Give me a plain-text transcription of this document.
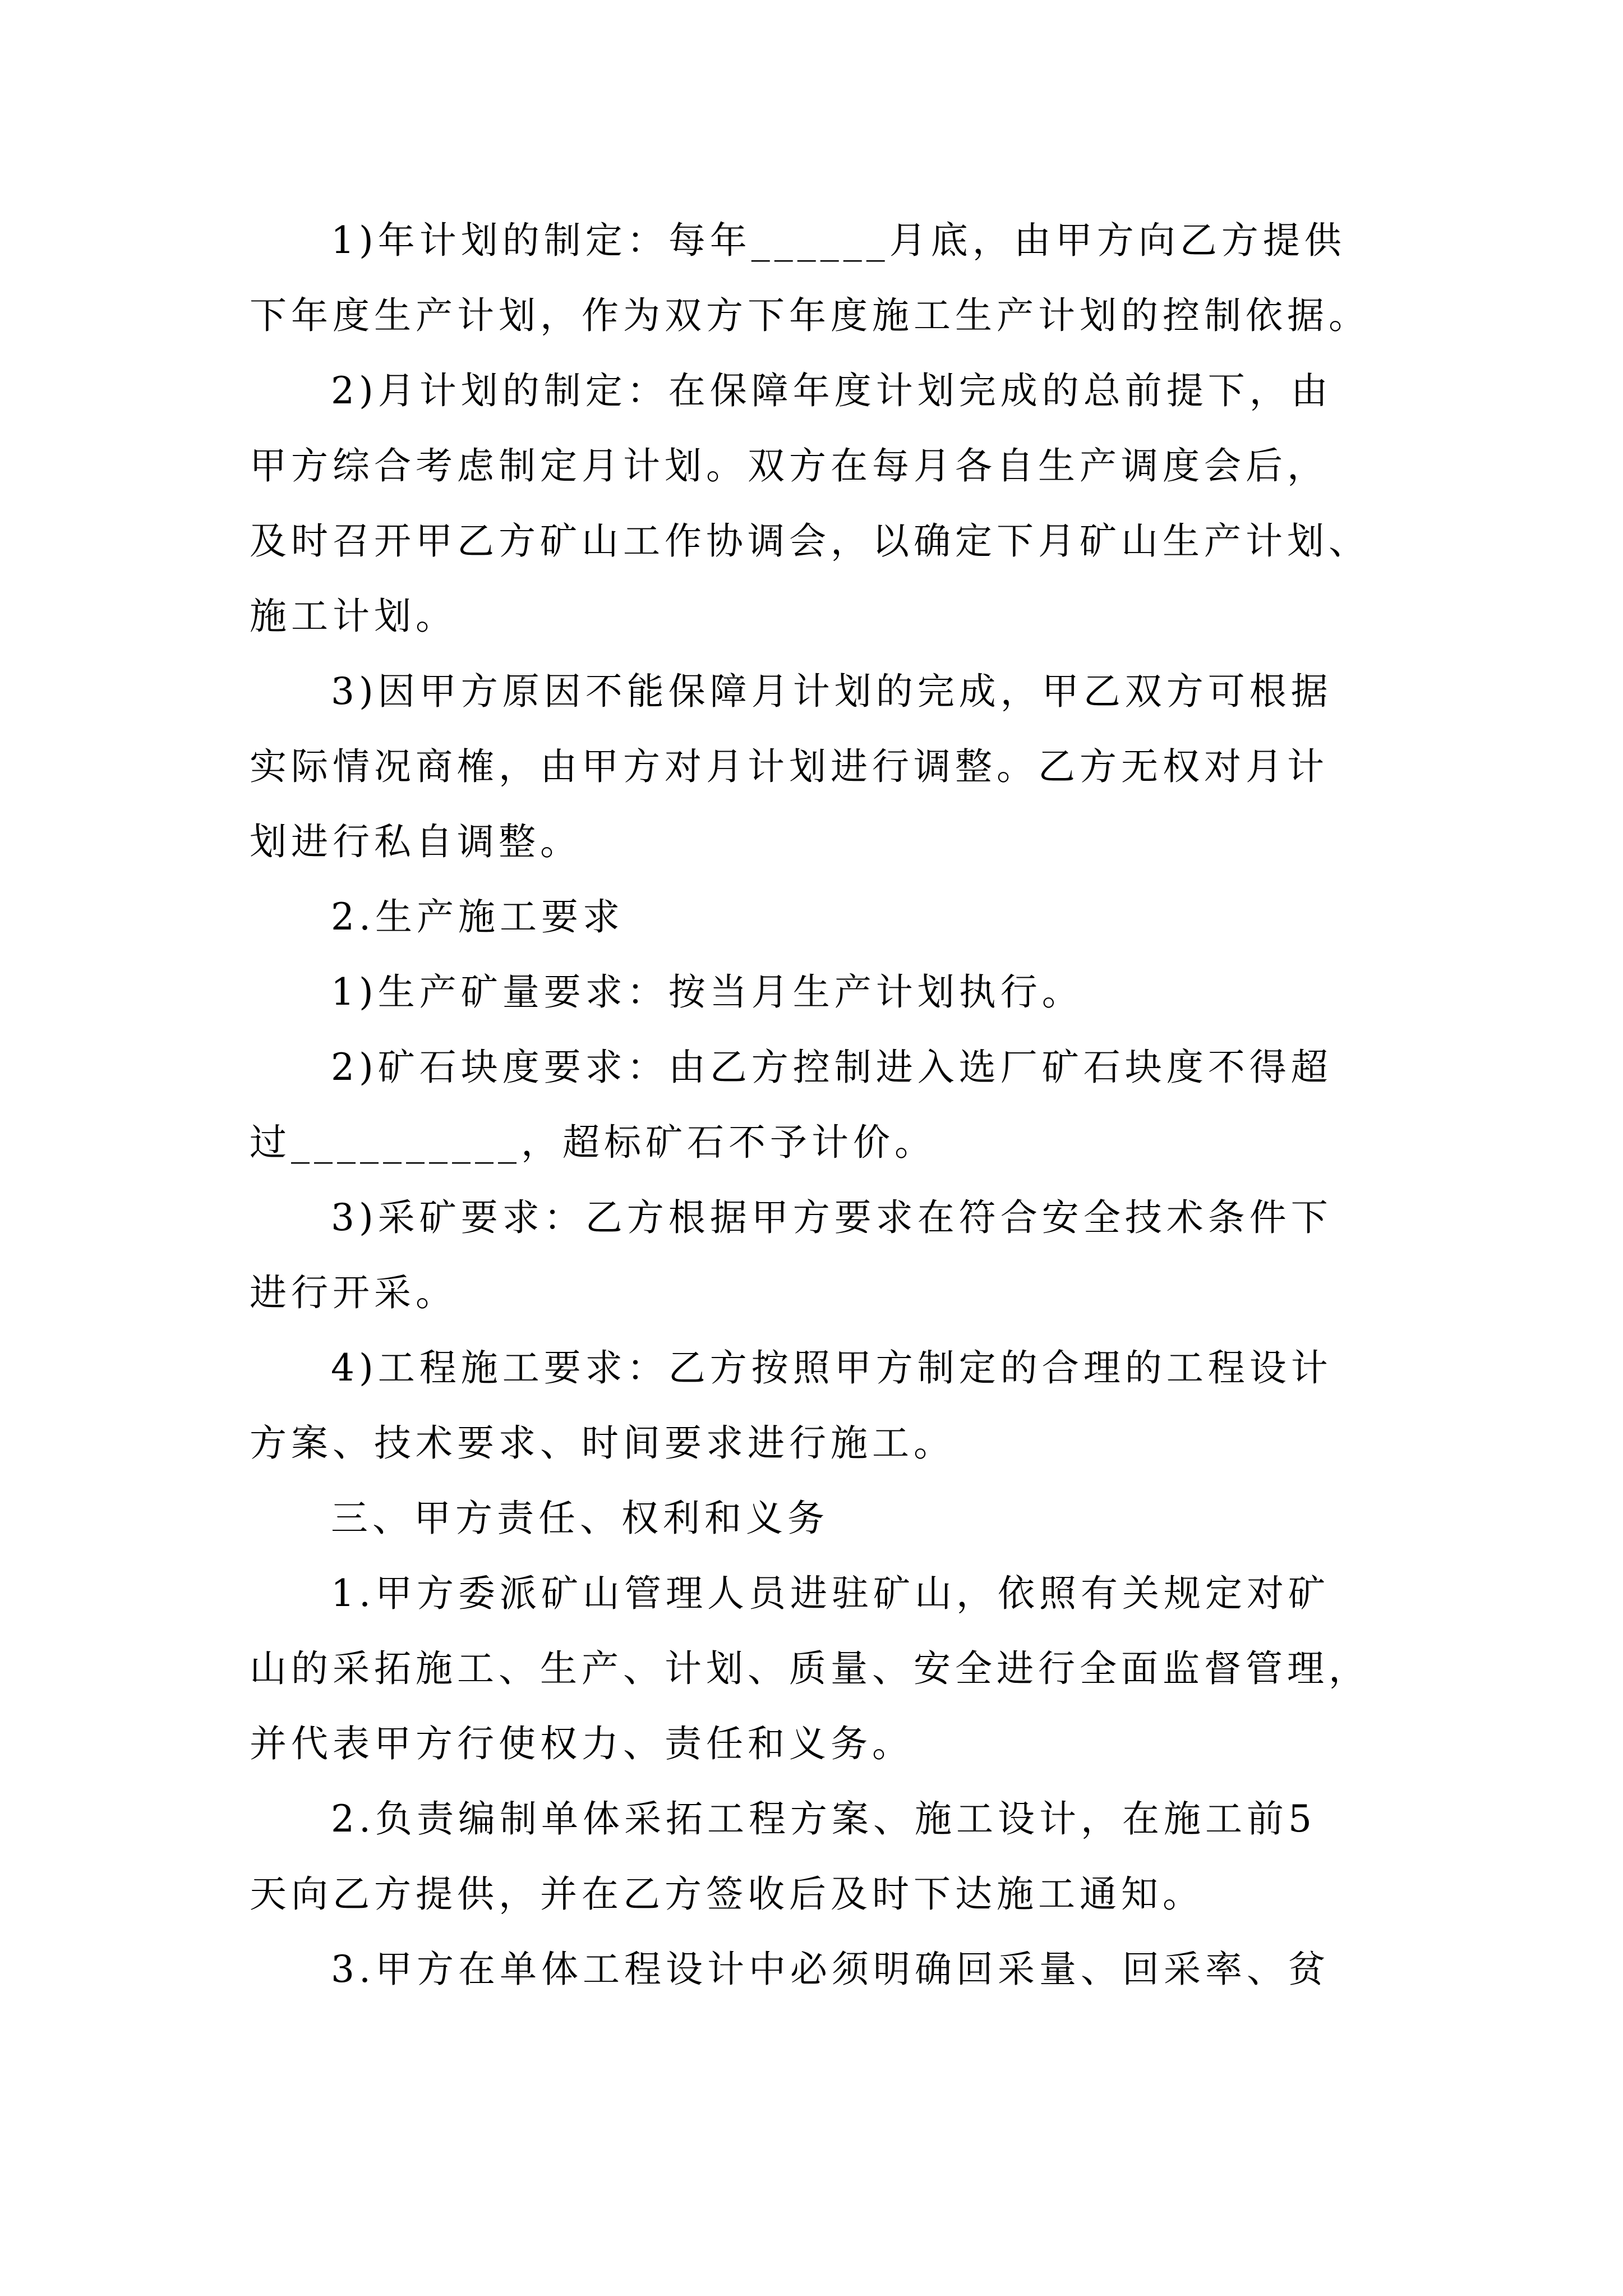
1)年计划的制定：每年______月底，由甲方向乙方提供
下年度生产计划，作为双方下年度施工生产计划的控制依据。
2)月计划的制定：在保障年度计划完成的总前提下，由
甲方综合考虑制定月计划。双方在每月各自生产调度会后，
及时召开甲乙方矿山工作协调会，以确定下月矿山生产计划、
施工计划。
3)因甲方原因不能保障月计划的完成，甲乙双方可根据
实际情况商榷，由甲方对月计划进行调整。乙方无权对月计
划进行私自调整。
2.生产施工要求
1)生产矿量要求：按当月生产计划执行。
2)矿石块度要求：由乙方控制进入选厂矿石块度不得超
过__________，超标矿石不予计价。
3)采矿要求：乙方根据甲方要求在符合安全技术条件下
进行开采。
4)工程施工要求：乙方按照甲方制定的合理的工程设计
方案、技术要求、时间要求进行施工。
三、甲方责任、权利和义务
1.甲方委派矿山管理人员进驻矿山，依照有关规定对矿
山的采拓施工、生产、计划、质量、安全进行全面监督管理，
并代表甲方行使权力、责任和义务。
2.负责编制单体采拓工程方案、施工设计，在施工前5
天向乙方提供，并在乙方签收后及时下达施工通知。
3.甲方在单体工程设计中必须明确回采量、回采率、贫
